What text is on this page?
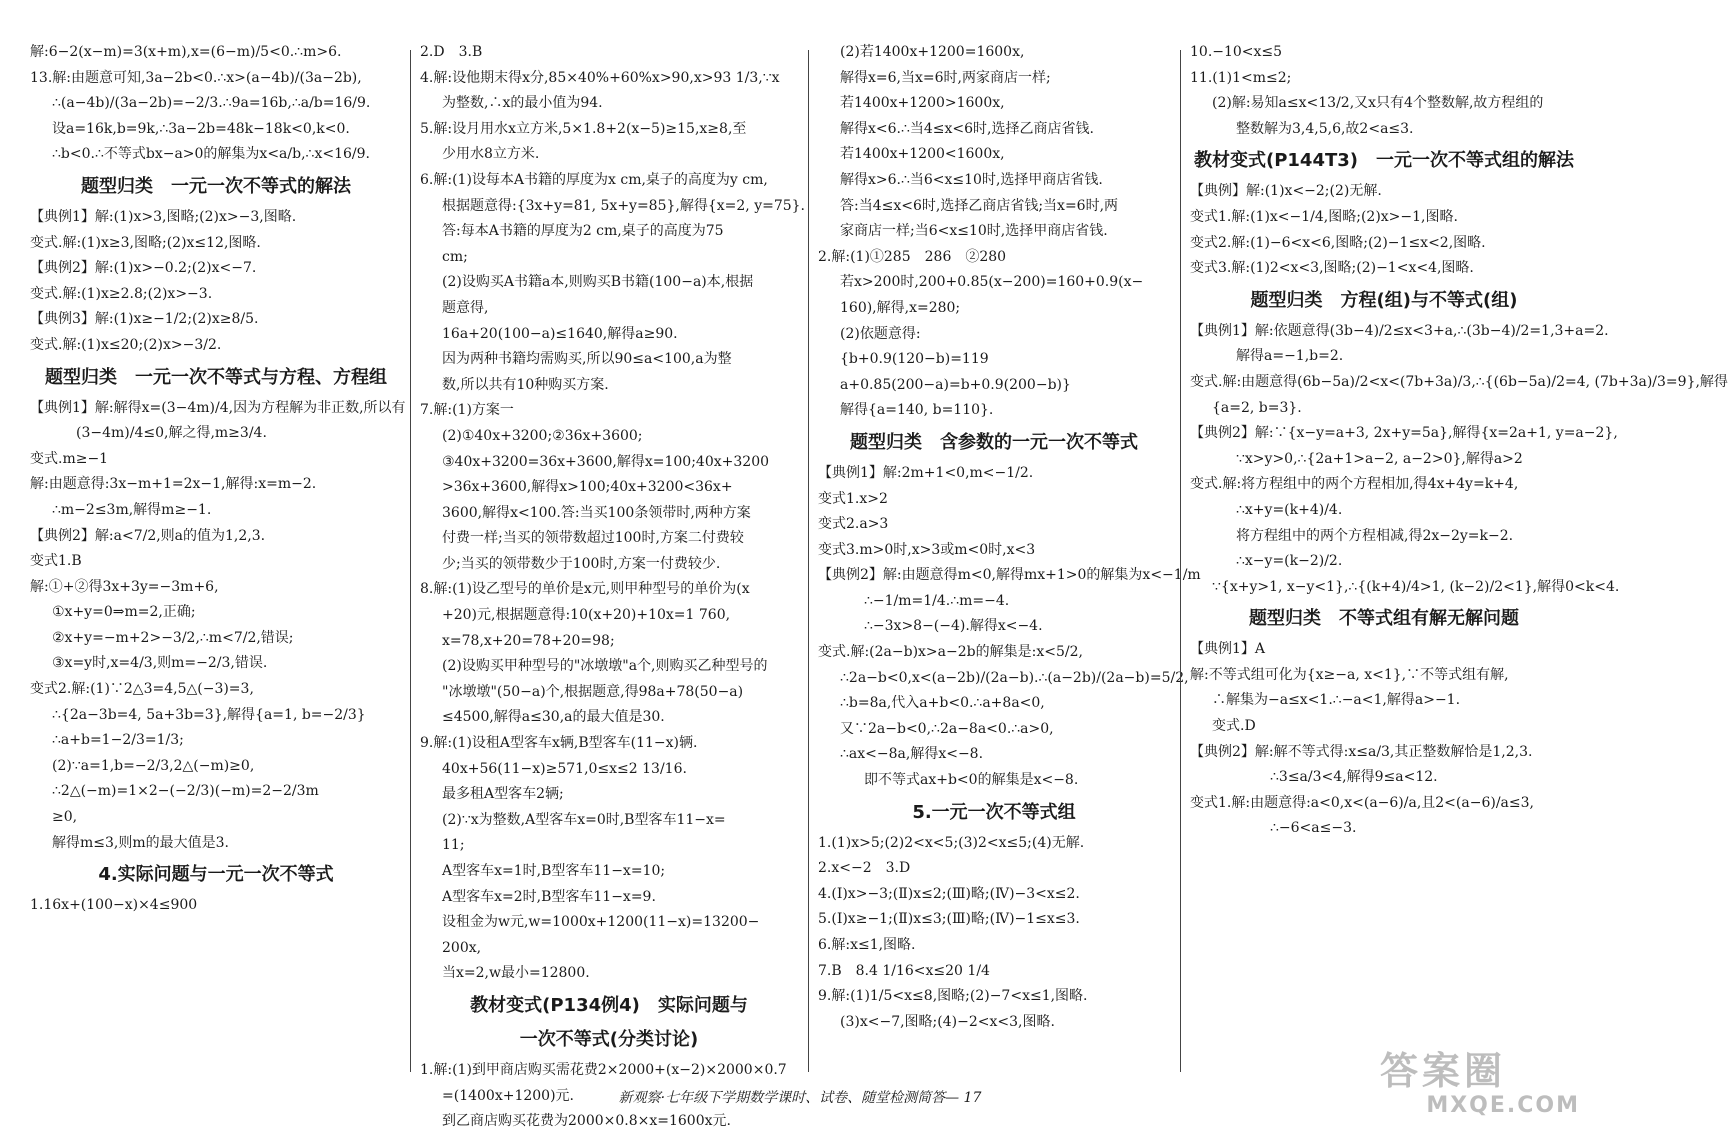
解:6−2(x−m)=3(x+m),x=(6−m)/5<0.∴m>6.
13.解:由题意可知,3a−2b<0.∴x>(a−4b)/(3a−2b),
∴(a−4b)/(3a−2b)=−2/3.∴9a=16b,∴a/b=16/9.
设a=16k,b=9k,∴3a−2b=48k−18k<0,k<0.
∴b<0.∴不等式bx−a>0的解集为x<a/b,∴x<16/9.
题型归类　一元一次不等式的解法
【典例1】解:(1)x>3,图略;(2)x>−3,图略.
变式.解:(1)x≥3,图略;(2)x≤12,图略.
【典例2】解:(1)x>−0.2;(2)x<−7.
变式.解:(1)x≥2.8;(2)x>−3.
【典例3】解:(1)x≥−1/2;(2)x≥8/5.
变式.解:(1)x≤20;(2)x>−3/2.
题型归类　一元一次不等式与方程、方程组
【典例1】解:解得x=(3−4m)/4,因为方程解为非正数,所以有
(3−4m)/4≤0,解之得,m≥3/4.
变式.m≥−1
解:由题意得:3x−m+1=2x−1,解得:x=m−2.
∴m−2≤3m,解得m≥−1.
【典例2】解:a<7/2,则a的值为1,2,3.
变式1.B
解:①+②得3x+3y=−3m+6,
①x+y=0⇒m=2,正确;
②x+y=−m+2>−3/2,∴m<7/2,错误;
③x=y时,x=4/3,则m=−2/3,错误.
变式2.解:(1)∵2△3=4,5△(−3)=3,
∴{2a−3b=4, 5a+3b=3},解得{a=1, b=−2/3}
∴a+b=1−2/3=1/3;
(2)∵a=1,b=−2/3,2△(−m)≥0,
∴2△(−m)=1×2−(−2/3)(−m)=2−2/3m
≥0,
解得m≤3,则m的最大值是3.
4.实际问题与一元一次不等式
1.16x+(100−x)×4≤900
2.D　3.B
4.解:设他期末得x分,85×40%+60%x>90,x>93 1/3,∵x
为整数,∴x的最小值为94.
5.解:设月用水x立方米,5×1.8+2(x−5)≥15,x≥8,至
少用水8立方米.
6.解:(1)设每本A书籍的厚度为x cm,桌子的高度为y cm,
根据题意得:{3x+y=81, 5x+y=85},解得{x=2, y=75}.
答:每本A书籍的厚度为2 cm,桌子的高度为75
cm;
(2)设购买A书籍a本,则购买B书籍(100−a)本,根据
题意得,
16a+20(100−a)≤1640,解得a≥90.
因为两种书籍均需购买,所以90≤a<100,a为整
数,所以共有10种购买方案.
7.解:(1)方案一
(2)①40x+3200;②36x+3600;
③40x+3200=36x+3600,解得x=100;40x+3200
>36x+3600,解得x>100;40x+3200<36x+
3600,解得x<100.答:当买100条领带时,两种方案
付费一样;当买的领带数超过100时,方案二付费较
少;当买的领带数少于100时,方案一付费较少.
8.解:(1)设乙型号的单价是x元,则甲种型号的单价为(x
+20)元,根据题意得:10(x+20)+10x=1 760,
x=78,x+20=78+20=98;
(2)设购买甲种型号的"冰墩墩"a个,则购买乙种型号的
"冰墩墩"(50−a)个,根据题意,得98a+78(50−a)
≤4500,解得a≤30,a的最大值是30.
9.解:(1)设租A型客车x辆,B型客车(11−x)辆.
40x+56(11−x)≥571,0≤x≤2 13/16.
最多租A型客车2辆;
(2)∵x为整数,A型客车x=0时,B型客车11−x=
11;
A型客车x=1时,B型客车11−x=10;
A型客车x=2时,B型客车11−x=9.
设租金为w元,w=1000x+1200(11−x)=13200−
200x,
当x=2,w最小=12800.
教材变式(P134例4)　实际问题与
一次不等式(分类讨论)
1.解:(1)到甲商店购买需花费2×2000+(x−2)×2000×0.7
=(1400x+1200)元.
到乙商店购买花费为2000×0.8×x=1600x元.
(2)若1400x+1200=1600x,
解得x=6,当x=6时,两家商店一样;
若1400x+1200>1600x,
解得x<6.∴当4≤x<6时,选择乙商店省钱.
若1400x+1200<1600x,
解得x>6.∴当6<x≤10时,选择甲商店省钱.
答:当4≤x<6时,选择乙商店省钱;当x=6时,两
家商店一样;当6<x≤10时,选择甲商店省钱.
2.解:(1)①285　286　②280
若x>200时,200+0.85(x−200)=160+0.9(x−
160),解得,x=280;
(2)依题意得:
{b+0.9(120−b)=119
a+0.85(200−a)=b+0.9(200−b)}
解得{a=140, b=110}.
题型归类　含参数的一元一次不等式
【典例1】解:2m+1<0,m<−1/2.
变式1.x>2
变式2.a>3
变式3.m>0时,x>3或m<0时,x<3
【典例2】解:由题意得m<0,解得mx+1>0的解集为x<−1/m
∴−1/m=1/4.∴m=−4.
∴−3x>8−(−4).解得x<−4.
变式.解:(2a−b)x>a−2b的解集是:x<5/2,
∴2a−b<0,x<(a−2b)/(2a−b).∴(a−2b)/(2a−b)=5/2,
∴b=8a,代入a+b<0.∴a+8a<0,
又∵2a−b<0,∴2a−8a<0.∴a>0,
∴ax<−8a,解得x<−8.
即不等式ax+b<0的解集是x<−8.
5.一元一次不等式组
1.(1)x>5;(2)2<x<5;(3)2<x≤5;(4)无解.
2.x<−2　3.D
4.(Ⅰ)x>−3;(Ⅱ)x≤2;(Ⅲ)略;(Ⅳ)−3<x≤2.
5.(Ⅰ)x≥−1;(Ⅱ)x≤3;(Ⅲ)略;(Ⅳ)−1≤x≤3.
6.解:x≤1,图略.
7.B　8.4 1/16<x≤20 1/4
9.解:(1)1/5<x≤8,图略;(2)−7<x≤1,图略.
(3)x<−7,图略;(4)−2<x<3,图略.
10.−10<x≤5
11.(1)1<m≤2;
(2)解:易知a≤x<13/2,又x只有4个整数解,故方程组的
整数解为3,4,5,6,故2<a≤3.
教材变式(P144T3)　一元一次不等式组的解法
【典例】解:(1)x<−2;(2)无解.
变式1.解:(1)x<−1/4,图略;(2)x>−1,图略.
变式2.解:(1)−6<x<6,图略;(2)−1≤x<2,图略.
变式3.解:(1)2<x<3,图略;(2)−1<x<4,图略.
题型归类　方程(组)与不等式(组)
【典例1】解:依题意得(3b−4)/2≤x<3+a,∴(3b−4)/2=1,3+a=2.
解得a=−1,b=2.
变式.解:由题意得(6b−5a)/2<x<(7b+3a)/3,∴{(6b−5a)/2=4, (7b+3a)/3=9},解得
{a=2, b=3}.
【典例2】解:∵{x−y=a+3, 2x+y=5a},解得{x=2a+1, y=a−2},
∵x>y>0,∴{2a+1>a−2, a−2>0},解得a>2
变式.解:将方程组中的两个方程相加,得4x+4y=k+4,
∴x+y=(k+4)/4.
将方程组中的两个方程相减,得2x−2y=k−2.
∴x−y=(k−2)/2.
∵{x+y>1, x−y<1},∴{(k+4)/4>1, (k−2)/2<1},解得0<k<4.
题型归类　不等式组有解无解问题
【典例1】A
解:不等式组可化为{x≥−a, x<1},∵不等式组有解,
∴解集为−a≤x<1.∴−a<1,解得a>−1.
变式.D
【典例2】解:解不等式得:x≤a/3,其正整数解恰是1,2,3.
∴3≤a/3<4,解得9≤a<12.
变式1.解:由题意得:a<0,x<(a−6)/a,且2<(a−6)/a≤3,
∴−6<a≤−3.
新观察·七年级下学期数学课时、试卷、随堂检测简答— 17
答案圈
MXQE.COM
